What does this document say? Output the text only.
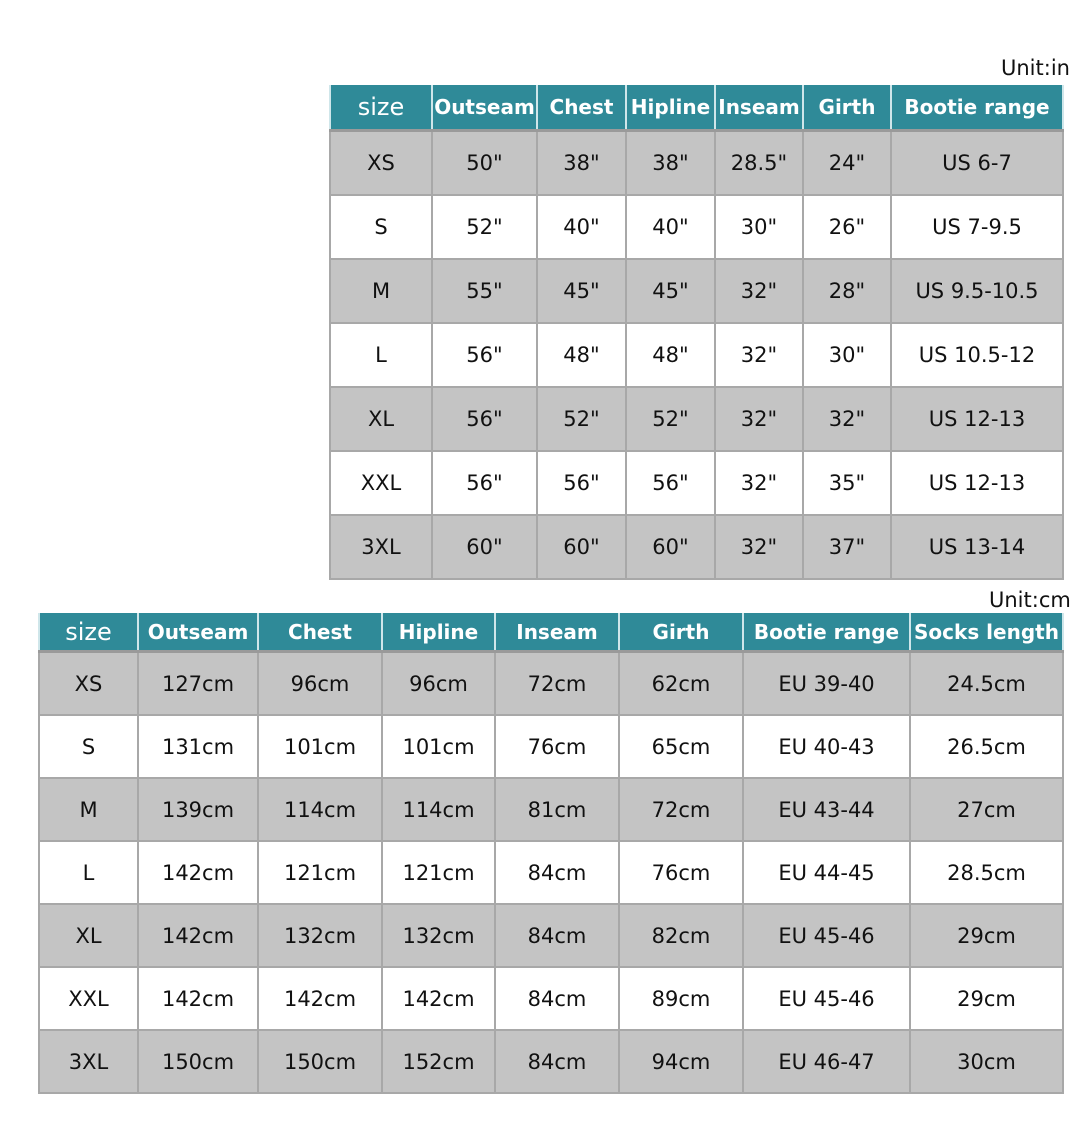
Unit:in
size	Outseam	Chest	Hipline	Inseam	Girth	Bootie range
XS	50"	38"	38"	28.5"	24"	US 6-7
S	52"	40"	40"	30"	26"	US 7-9.5
M	55"	45"	45"	32"	28"	US 9.5-10.5
L	56"	48"	48"	32"	30"	US 10.5-12
XL	56"	52"	52"	32"	32"	US 12-13
XXL	56"	56"	56"	32"	35"	US 12-13
3XL	60"	60"	60"	32"	37"	US 13-14
Unit:cm
size	Outseam	Chest	Hipline	Inseam	Girth	Bootie range	Socks length
XS	127cm	96cm	96cm	72cm	62cm	EU 39-40	24.5cm
S	131cm	101cm	101cm	76cm	65cm	EU 40-43	26.5cm
M	139cm	114cm	114cm	81cm	72cm	EU 43-44	27cm
L	142cm	121cm	121cm	84cm	76cm	EU 44-45	28.5cm
XL	142cm	132cm	132cm	84cm	82cm	EU 45-46	29cm
XXL	142cm	142cm	142cm	84cm	89cm	EU 45-46	29cm
3XL	150cm	150cm	152cm	84cm	94cm	EU 46-47	30cm
